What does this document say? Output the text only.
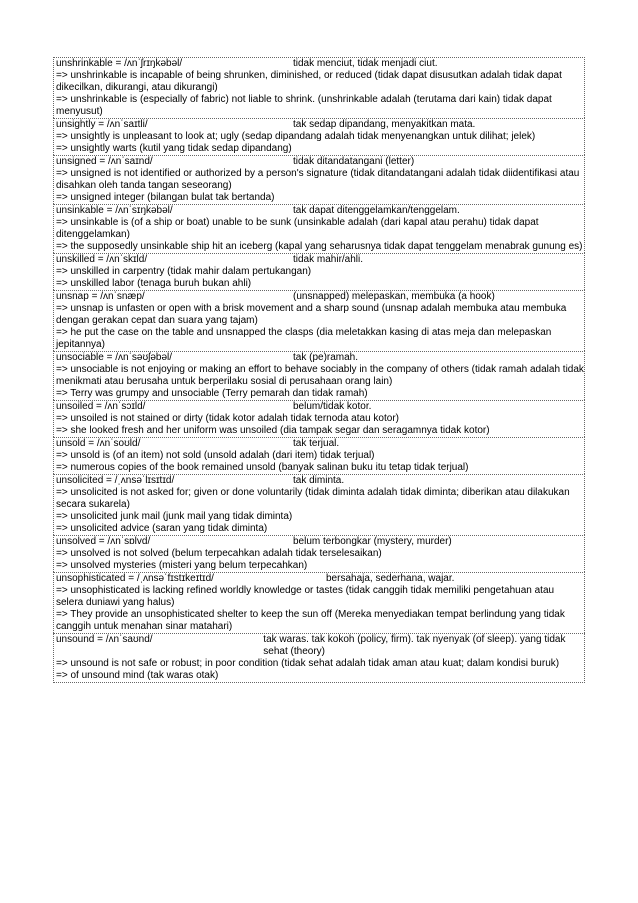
unshrinkable = /ʌnˈʃrɪŋkəbəl/	tidak menciut, tidak menjadi ciut.
=> unshrinkable is incapable of being shrunken, diminished, or reduced (tidak dapat disusutkan adalah tidak dapat dikecilkan, dikurangi, atau dikurangi)
=> unshrinkable is (especially of fabric) not liable to shrink. (unshrinkable adalah (terutama dari kain) tidak dapat menyusut)
unsightly = /ʌnˈsaɪtli/	tak sedap dipandang, menyakitkan mata.
=> unsightly is unpleasant to look at; ugly (sedap dipandang adalah tidak menyenangkan untuk dilihat; jelek)
=> unsightly warts (kutil yang tidak sedap dipandang)
unsigned = /ʌnˈsaɪnd/	tidak ditandatangani (letter)
=> unsigned is not identified or authorized by a person's signature (tidak ditandatangani adalah tidak diidentifikasi atau disahkan oleh tanda tangan seseorang)
=> unsigned integer (bilangan bulat tak bertanda)
unsinkable = /ʌnˈsɪŋkəbəl/	tak dapat ditenggelamkan/tenggelam.
=> unsinkable is (of a ship or boat) unable to be sunk (unsinkable adalah (dari kapal atau perahu) tidak dapat ditenggelamkan)
=> the supposedly unsinkable ship hit an iceberg (kapal yang seharusnya tidak dapat tenggelam menabrak gunung es)
unskilled = /ʌnˈskɪld/	tidak mahir/ahli.
=> unskilled in carpentry (tidak mahir dalam pertukangan)
=> unskilled labor (tenaga buruh bukan ahli)
unsnap = /ʌnˈsnæp/	(unsnapped) melepaskan, membuka (a hook)
=> unsnap is unfasten or open with a brisk movement and a sharp sound (unsnap adalah membuka atau membuka dengan gerakan cepat dan suara yang tajam)
=> he put the case on the table and unsnapped the clasps (dia meletakkan kasing di atas meja dan melepaskan jepitannya)
unsociable = /ʌnˈsəʊʃəbəl/	tak (pe)ramah.
=> unsociable is not enjoying or making an effort to behave sociably in the company of others (tidak ramah adalah tidak menikmati atau berusaha untuk berperilaku sosial di perusahaan orang lain)
=> Terry was grumpy and unsociable (Terry pemarah dan tidak ramah)
unsoiled = /ʌnˈsɔɪld/	belum/tidak kotor.
=> unsoiled is not stained or dirty (tidak kotor adalah tidak ternoda atau kotor)
=> she looked fresh and her uniform was unsoiled (dia tampak segar dan seragamnya tidak kotor)
unsold = /ʌnˈsoʊld/	tak terjual.
=> unsold is (of an item) not sold (unsold adalah (dari item) tidak terjual)
=> numerous copies of the book remained unsold (banyak salinan buku itu tetap tidak terjual)
unsolicited = /ˌʌnsəˈlɪsɪtɪd/	tak diminta.
=> unsolicited is not asked for; given or done voluntarily (tidak diminta adalah tidak diminta; diberikan atau dilakukan secara sukarela)
=> unsolicited junk mail (junk mail yang tidak diminta)
=> unsolicited advice (saran yang tidak diminta)
unsolved = /ʌnˈsɒlvd/	belum terbongkar (mystery, murder)
=> unsolved is not solved (belum terpecahkan adalah tidak terselesaikan)
=> unsolved mysteries (misteri yang belum terpecahkan)
unsophisticated = /ˌʌnsəˈfɪstɪkeɪtɪd/	bersahaja, sederhana, wajar.
=> unsophisticated is lacking refined worldly knowledge or tastes (tidak canggih tidak memiliki pengetahuan atau selera duniawi yang halus)
=> They provide an unsophisticated shelter to keep the sun off (Mereka menyediakan tempat berlindung yang tidak canggih untuk menahan sinar matahari)
unsound = /ʌnˈsaʊnd/	tak waras. tak kokoh (policy, firm). tak nyenyak (of sleep). yang tidak sehat (theory)
=> unsound is not safe or robust; in poor condition (tidak sehat adalah tidak aman atau kuat; dalam kondisi buruk)
=> of unsound mind (tak waras otak)
